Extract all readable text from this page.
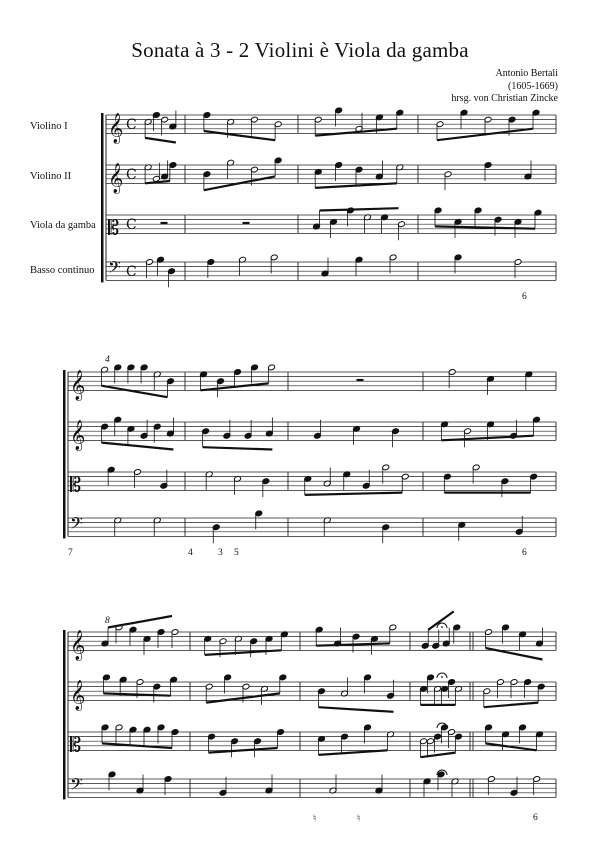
Sonata à 3 - 2 Violini è Viola da gamba
Antonio Bertali
(1605-1669)
hrsg. von Christian Zincke
Violino I
Violino II
Viola da gamba
Basso continuo
4
8
6
7	4	3 5	6
♮	♮	6
𝄞 C
𝄞 C
𝄡 C
𝄢 C
𝄞
𝄞
𝄡
𝄢
𝄞
𝄞
𝄡
𝄢
